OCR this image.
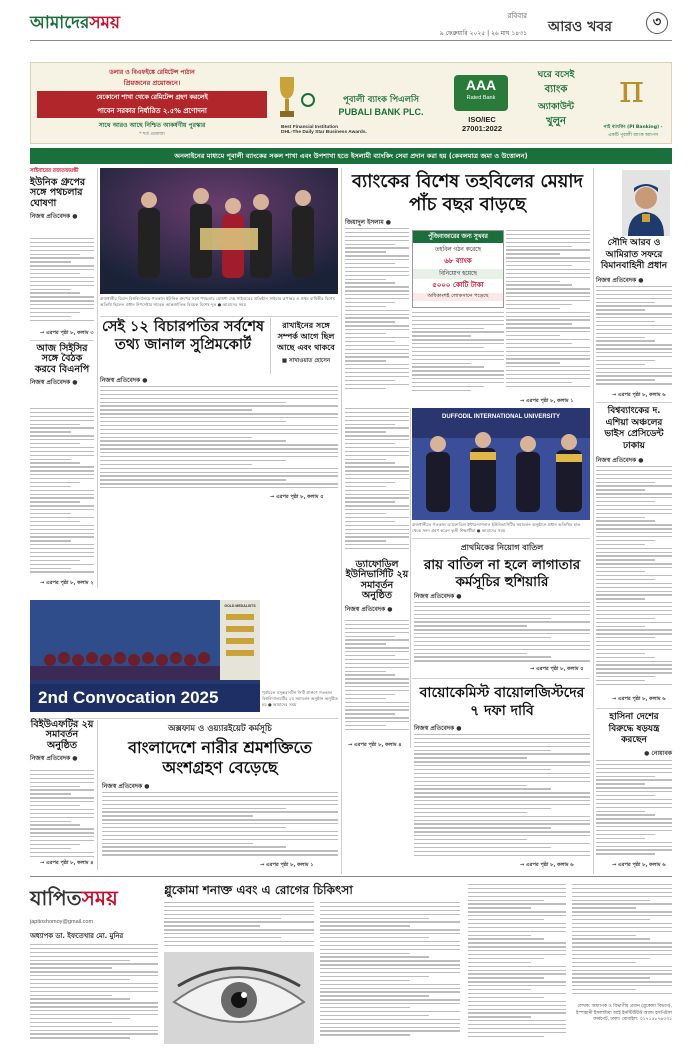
আমাদেরসময়	রবিবার
৯ ফেব্রুয়ারি ২০২৫ | ২৬ মাঘ ১৪৩১ আরও খবর	৩
ডলার ও বিএফইঙ্কে রেমিটেন্স পাঠান
প্রিয়জনের প্রয়োজনে।
যেকোনো শাখা থেকে রেমিটেন্স গ্রহণ করলেই
পাবেন সরকার নির্ধারিত ২.৫% প্রণোদনা
সাথে আরও আছে নিশ্চিত আকর্ষণীয় পুরস্কার
* শর্ত প্রযোজ্য
পূবালী ব্যাংক পিএলসি
PUBALI BANK PLC.
Best Financial Institution
DHL-The Daily Star Business Awards.
AAA
Rated Bank
ISO/IEC
27001:2022
ঘরে বসেই
ব্যাংক
অ্যাকাউন্ট
খুলুন
π
পাই ব্যাংকিং (PI Banking) -
একটি পূবালী ব্যাংক অ্যাপস
অনলাইনের মাধ্যমে পূবালী ব্যাংকের সকল শাখা এবং উপশাখা হতে ইসলামী ব্যাংকিং সেবা প্রদান করা হয় (কেবলমাত্র জমা ও উত্তোলন)
সাইবারের রজতজয়ন্তী
ইউনিক গ্রুপের সঙ্গে পথচলার ঘোষণা
নিজস্ব প্রতিবেদক ●
→ এরপর পৃষ্ঠা ৮, কলাম ৩
আজ সিইসির সঙ্গে বৈঠক করবে বিএনপি
নিজস্ব প্রতিবেদক ●
→ এরপর পৃষ্ঠা ৮, কলাম ২
রাজধানীর বিমান বিশ্ববিদ্যালয়ে গতকাল ইউনিক গ্রুপের সঙ্গে পথচলার ঘোষণা দেয় সাইবারের প্রতিষ্ঠান সাইবার রূপান্তর ও প্রথম বার্ষিকীর বিশেষ অতিথি ছিলেন প্রধান উপদেষ্টার সাবেক আন্তর্জাতিক বিষয়ক বিশেষ দূত ● আমাদের সময়
সেই ১২ বিচারপতির সর্বশেষ তথ্য জানাল সুপ্রিমকোর্ট
নিজস্ব প্রতিবেদক ●
→ এরপর পৃষ্ঠা ৮, কলাম ৫
রাখাইনের সঙ্গে সম্পর্ক আগে ছিল আছে এবং থাকবে
■ সাখাওয়াত হোসেন
GOLD MEDALISTS
2nd Convocation 2025	পূর্বাচলে বসুন্ধরা-টিন সিটি প্রাঙ্গণে গতকাল বিশ্ববিদ্যালয়টির ২য় সমাবর্তন অনুষ্ঠান অনুষ্ঠিত হয় ● আমাদের সময়
বিইউএফটির ২য় সমাবর্তন অনুষ্ঠিত
নিজস্ব প্রতিবেদক ●
→ এরপর পৃষ্ঠা ৮, কলাম ৪
অক্সফাম ও ওয়্যারইয়েট কর্মসূচি
বাংলাদেশে নারীর শ্রমশক্তিতে অংশগ্রহণ বেড়েছে
নিজস্ব প্রতিবেদক ●
→ এরপর পৃষ্ঠা ৮, কলাম ১
ব্যাংকের বিশেষ তহবিলের মেয়াদ পাঁচ বছর বাড়ছে
জিয়াদুল ইসলাম ●
পুঁজিবাজারের জন্য সুখবর
তহবিল গঠন করেছে
৬৮ ব্যাংক
বিনিয়োগ হয়েছে
৫০০০ কোটি টাকা
অধিকাংশই লোকসানে পড়েছে
→ এরপর পৃষ্ঠা ৮, কলাম ১
DUFFODIL INTERNATIONAL UNIVERSITY
রাজধানীতে গতকাল ড্যাফোডিল ইন্টারন্যাশনাল ইউনিভার্সিটির সমাবর্তন অনুষ্ঠানে প্রধান অতিথির হাত থেকে সনদ গ্রহণ করেন কৃতী শিক্ষার্থীরা ● আমাদের সময়
ড্যাফোডিল ইউনিভার্সিটি ২য় সমাবর্তন অনুষ্ঠিত
নিজস্ব প্রতিবেদক ●
→ এরপর পৃষ্ঠা ৮, কলাম ৪
প্রাথমিকের নিয়োগ বাতিল
রায় বাতিল না হলে লাগাতার কর্মসূচির হুশিয়ারি
নিজস্ব প্রতিবেদক ●
→ এরপর পৃষ্ঠা ৮, কলাম ৫
বায়োকেমিস্ট বায়োলজিস্টদের ৭ দফা দাবি
নিজস্ব প্রতিবেদক ●
→ এরপর পৃষ্ঠা ৮, কলাম ৬
সৌদি আরব ও আমিরাত সফরে বিমানবাহিনী প্রধান
নিজস্ব প্রতিবেদক ●
→ এরপর পৃষ্ঠা ৮, কলাম ৬
বিশ্বব্যাংকের দ. এশিয়া অঞ্চলের ভাইস প্রেসিডেন্ট ঢাকায়
নিজস্ব প্রতিবেদক ●
→ এরপর পৃষ্ঠা ৮, কলাম ৬
হাসিনা দেশের বিরুদ্ধে ষড়যন্ত্র করছেন
● নোয়াবক
→ এরপর পৃষ্ঠা ৮, কলাম ৬
যাপিতসময়
japitoshomoy@gmail.com
অধ্যাপক ডা. ইফতেখার মো. মুনির
গ্লুকোমা শনাক্ত এবং এ রোগের চিকিৎসা
লেখক: অধ্যাপক ও বিভাগীয় প্রধান (গ্লুকোমা বিভাগ), ইস্পাহানী ইসলামিয়া আই ইনস্টিটিউট অ্যান্ড হসপিটাল ফার্মগেট, ঢাকা। মোবাইল: ০১৭১৫৮৭৬০৩১
